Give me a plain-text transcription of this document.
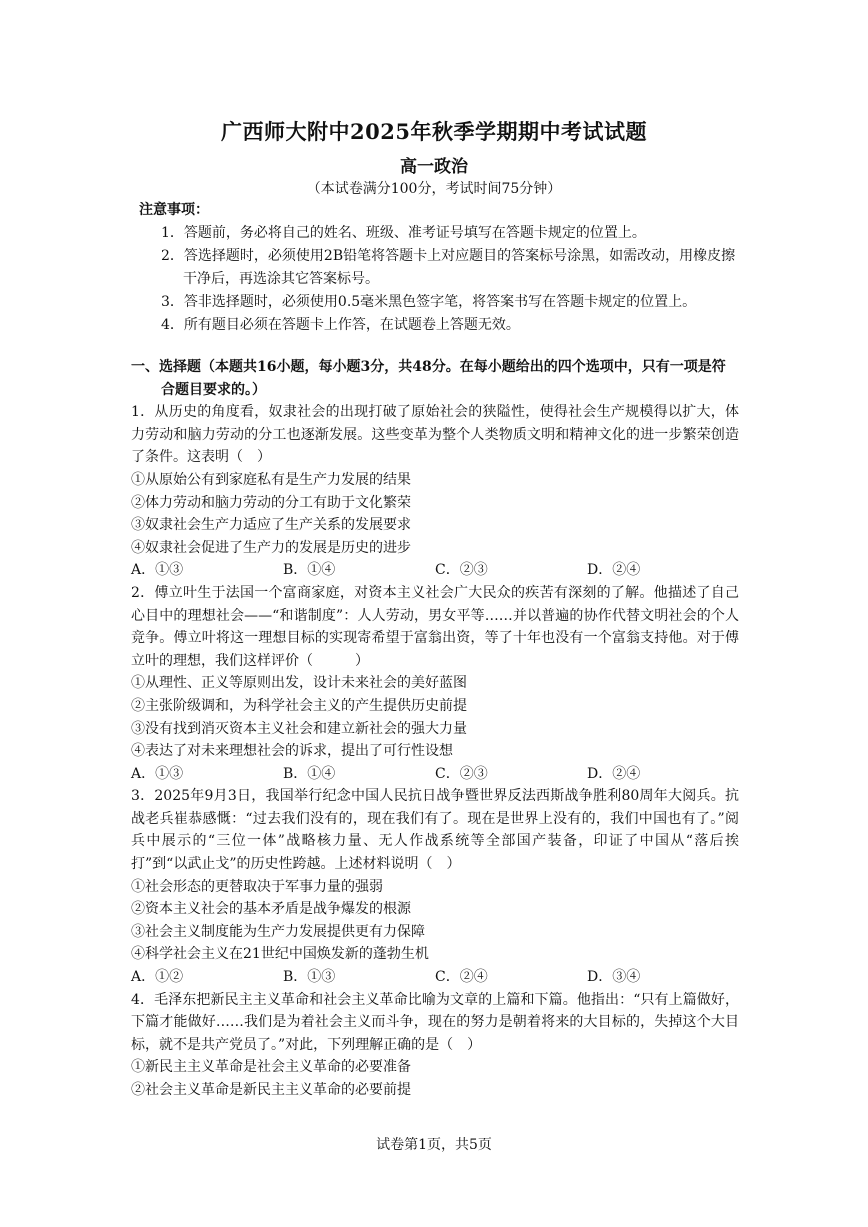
广西师大附中2025年秋季学期期中考试试题
高一政治
（本试卷满分100分，考试时间75分钟）
注意事项：
1．答题前，务必将自己的姓名、班级、准考证号填写在答题卡规定的位置上。
2．答选择题时，必须使用2B铅笔将答题卡上对应题目的答案标号涂黑，如需改动，用橡皮擦干净后，再选涂其它答案标号。
3．答非选择题时，必须使用0.5毫米黑色签字笔，将答案书写在答题卡规定的位置上。
4．所有题目必须在答题卡上作答，在试题卷上答题无效。
一、选择题（本题共16小题，每小题3分，共48分。在每小题给出的四个选项中，只有一项是符合题目要求的。）
1．从历史的角度看，奴隶社会的出现打破了原始社会的狭隘性，使得社会生产规模得以扩大，体力劳动和脑力劳动的分工也逐渐发展。这些变革为整个人类物质文明和精神文化的进一步繁荣创造了条件。这表明（　）
①从原始公有到家庭私有是生产力发展的结果
②体力劳动和脑力劳动的分工有助于文化繁荣
③奴隶社会生产力适应了生产关系的发展要求
④奴隶社会促进了生产力的发展是历史的进步
A．①③	B．①④	C．②③	D．②④
2．傅立叶生于法国一个富商家庭，对资本主义社会广大民众的疾苦有深刻的了解。他描述了自己心目中的理想社会——“和谐制度”：人人劳动，男女平等……并以普遍的协作代替文明社会的个人竞争。傅立叶将这一理想目标的实现寄希望于富翁出资，等了十年也没有一个富翁支持他。对于傅立叶的理想，我们这样评价（　　　）
①从理性、正义等原则出发，设计未来社会的美好蓝图
②主张阶级调和，为科学社会主义的产生提供历史前提
③没有找到消灭资本主义社会和建立新社会的强大力量
④表达了对未来理想社会的诉求，提出了可行性设想
A．①③	B．①④	C．②③	D．②④
3．2025年9月3日，我国举行纪念中国人民抗日战争暨世界反法西斯战争胜利80周年大阅兵。抗战老兵崔恭感慨：“过去我们没有的，现在我们有了。现在是世界上没有的，我们中国也有了。”阅兵中展示的“三位一体”战略核力量、无人作战系统等全部国产装备，印证了中国从“落后挨打”到“以武止戈”的历史性跨越。上述材料说明（　）
①社会形态的更替取决于军事力量的强弱
②资本主义社会的基本矛盾是战争爆发的根源
③社会主义制度能为生产力发展提供更有力保障
④科学社会主义在21世纪中国焕发新的蓬勃生机
A．①②	B．①③	C．②④	D．③④
4．毛泽东把新民主主义革命和社会主义革命比喻为文章的上篇和下篇。他指出：“只有上篇做好，下篇才能做好……我们是为着社会主义而斗争，现在的努力是朝着将来的大目标的，失掉这个大目标，就不是共产党员了。”对此，下列理解正确的是（　）
①新民主主义革命是社会主义革命的必要准备
②社会主义革命是新民主主义革命的必要前提
试卷第1页，共5页
